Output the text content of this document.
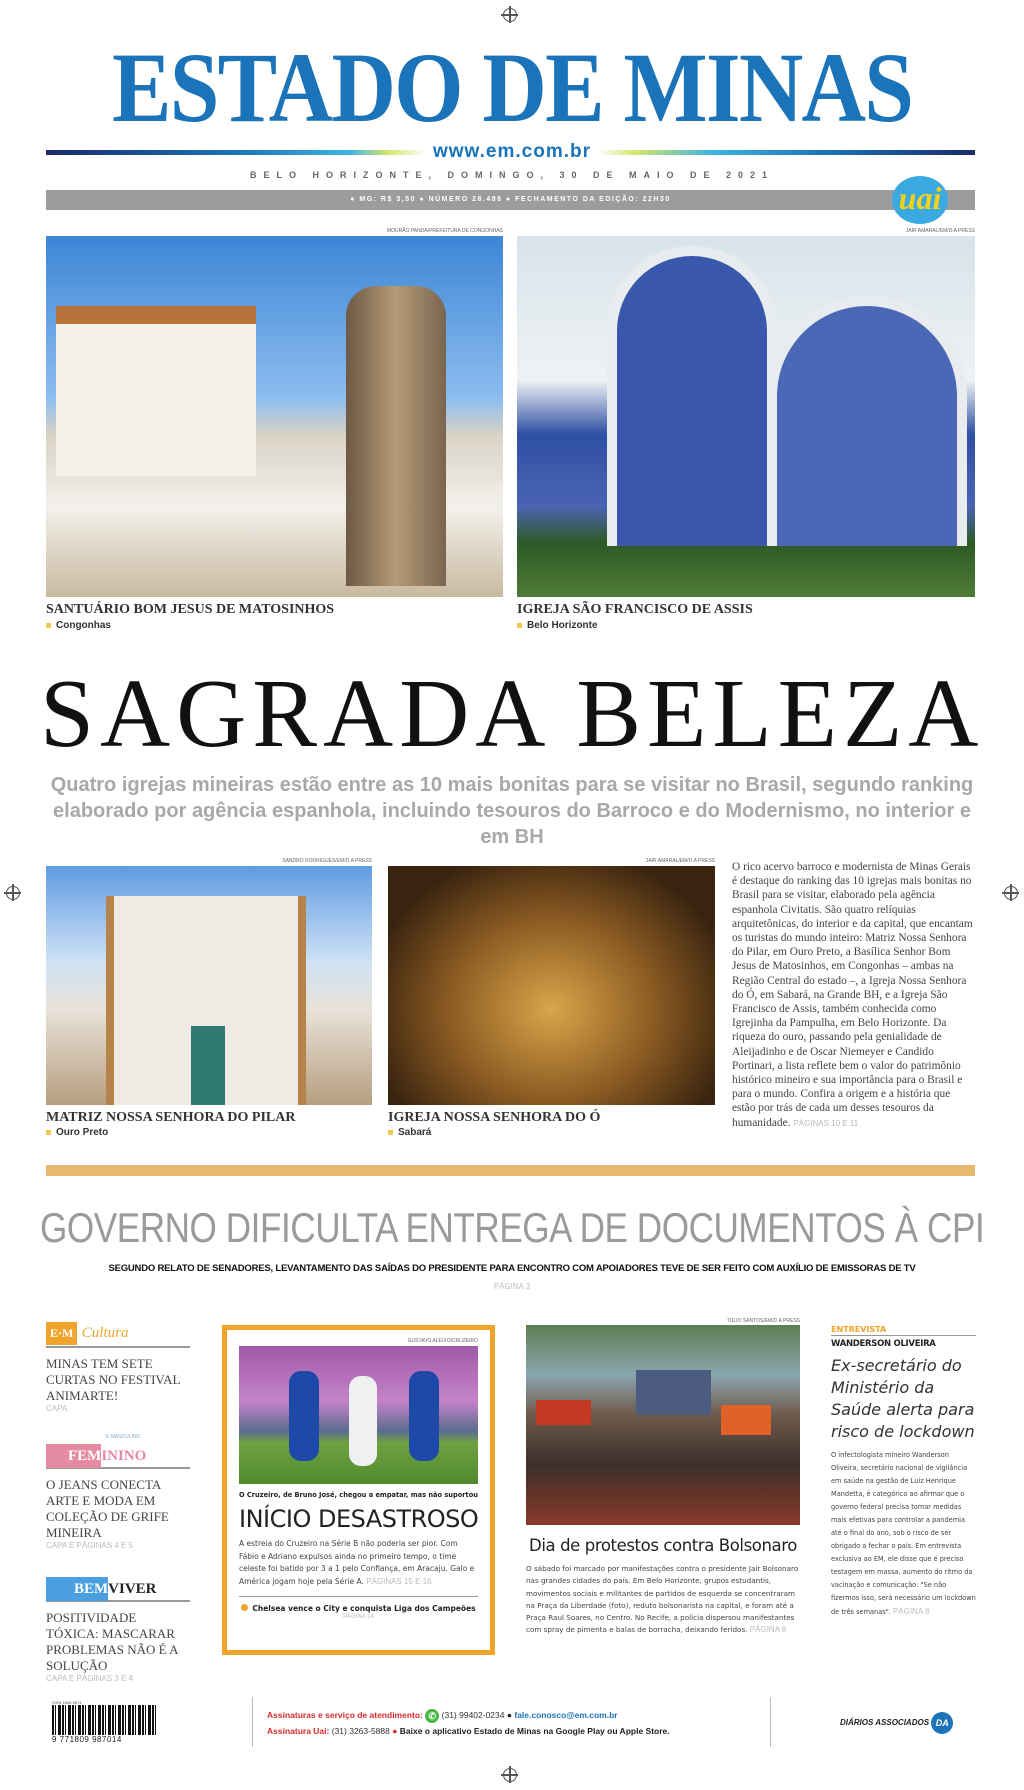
ESTADO DE MINAS
www.em.com.br
BELO HORIZONTE, DOMINGO, 30 DE MAIO DE 2021
● MG: R$ 3,50 ● NÚMERO 28.486 ● FECHAMENTO DA EDIÇÃO: 22H30	uai
MOURÃO PANDA/PREFEITURA DE CONGONHAS	JAIR AMARAL/EM/D.A PRESS
SANTUÁRIO BOM JESUS DE MATOSINHOS
Congonhas
IGREJA SÃO FRANCISCO DE ASSIS
Belo Horizonte
SAGRADA BELEZA
Quatro igrejas mineiras estão entre as 10 mais bonitas para se visitar no Brasil, segundo ranking elaborado por agência espanhola, incluindo tesouros do Barroco e do Modernismo, no interior e em BH
SANDRO RODRIGUES/EM/D.A PRESS	JAIR AMARAL/EM/D.A PRESS
MATRIZ NOSSA SENHORA DO PILAR
Ouro Preto
IGREJA NOSSA SENHORA DO Ó
Sabará
O rico acervo barroco e modernista de Minas Gerais é destaque do ranking das 10 igrejas mais bonitas no Brasil para se visitar, elaborado pela agência espanhola Civitatis. São quatro relíquias arquitetônicas, do interior e da capital, que encantam os turistas do mundo inteiro: Matriz Nossa Senhora do Pilar, em Ouro Preto, a Basílica Senhor Bom Jesus de Matosinhos, em Congonhas – ambas na Região Central do estado –, a Igreja Nossa Senhora do Ó, em Sabará, na Grande BH, e a Igreja São Francisco de Assis, também conhecida como Igrejinha da Pampulha, em Belo Horizonte. Da riqueza do ouro, passando pela genialidade de Aleijadinho e de Oscar Niemeyer e Candido Portinari, a lista reflete bem o valor do patrimônio histórico mineiro e sua importância para o Brasil e para o mundo. Confira a origem e a história que estão por trás de cada um desses tesouros da humanidade. PÁGINAS 10 E 11
GOVERNO DIFICULTA ENTREGA DE DOCUMENTOS À CPI
SEGUNDO RELATO DE SENADORES, LEVANTAMENTO DAS SAÍDAS DO PRESIDENTE PARA ENCONTRO COM APOIADORES TEVE DE SER FEITO COM AUXÍLIO DE EMISSORAS DE TV
PÁGINA 3
E·M Cultura
MINAS TEM SETE CURTAS NO FESTIVAL ANIMARTE!
CAPA
E MASCULINO
FEMININO
O JEANS CONECTA ARTE E MODA EM COLEÇÃO DE GRIFE MINEIRA
CAPA E PÁGINAS 4 E 5
BEMVIVER
POSITIVIDADE TÓXICA: MASCARAR PROBLEMAS NÃO É A SOLUÇÃO
CAPA E PÁGINAS 3 E 4
GUSTAVO ALEIXO/CRUZEIRO
O Cruzeiro, de Bruno José, chegou a empatar, mas não suportou
INÍCIO DESASTROSO
A estreia do Cruzeiro na Série B não poderia ser pior. Com Fábio e Adriano expulsos ainda no primeiro tempo, o time celeste foi batido por 3 a 1 pelo Confiança, em Aracaju. Galo e América jogam hoje pela Série A. PÁGINAS 15 E 16
Chelsea vence o City e conquista Liga dos Campeões
PÁGINA 14
TÚLIO SANTOS/EM/D.A PRESS
Dia de protestos contra Bolsonaro
O sábado foi marcado por manifestações contra o presidente Jair Bolsonaro nas grandes cidades do país. Em Belo Horizonte, grupos estudantis, movimentos sociais e militantes de partidos de esquerda se concentraram na Praça da Liberdade (foto), reduto bolsonarista na capital, e foram até a Praça Raul Soares, no Centro. No Recife, a polícia dispersou manifestantes com spray de pimenta e balas de borracha, deixando feridos. PÁGINA 8
ENTREVISTA
WANDERSON OLIVEIRA
Ex-secretário do Ministério da Saúde alerta para risco de lockdown
O infectologista mineiro Wanderson Oliveira, secretário nacional de vigilância em saúde na gestão de Luiz Henrique Mandetta, é categórico ao afirmar que o governo federal precisa tomar medidas mais efetivas para controlar a pandemia até o final do ano, sob o risco de ser obrigado a fechar o país. Em entrevista exclusiva ao EM, ele disse que é preciso testagem em massa, aumento do ritmo da vacinação e comunicação: "Se não fizermos isso, será necessário um lockdown de três semanas". PÁGINA 8
ISSN 1809-9874
9 771809 987014
Assinaturas e serviço de atendimento: ✆ (31) 99402-0234 ● fale.conosco@em.com.br
Assinatura Uai: (31) 3263-5888 ● Baixe o aplicativo Estado de Minas na Google Play ou Apple Store.
DIÁRIOS ASSOCIADOS DA
